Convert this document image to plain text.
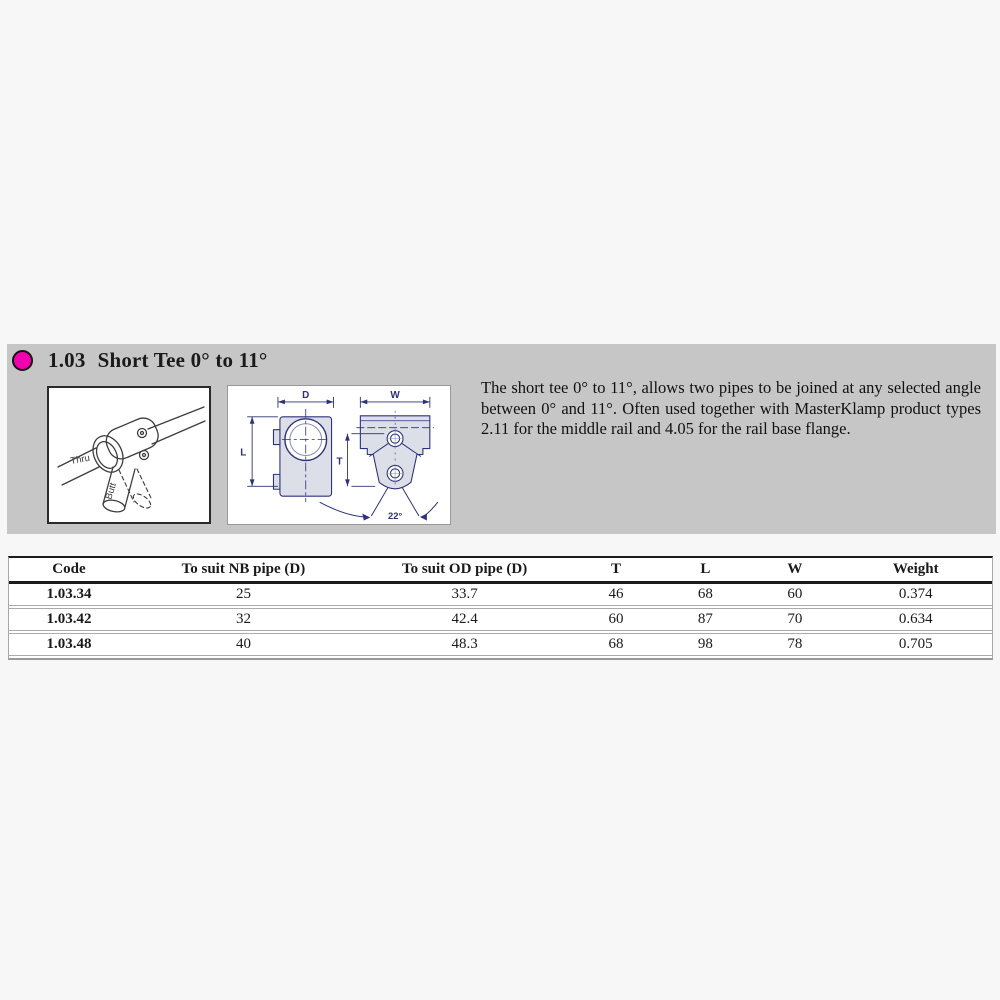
1.03 Short Tee 0° to 11°
Thru
Butt
D
L
W
T
22°

The short tee 0° to 11°, allows two pipes to be joined at any selected angle between 0° and 11°. Often used together with MasterKlamp product types 2.11 for the middle rail and 4.05 for the rail base flange.

Code	To suit NB pipe (D)	To suit OD pipe (D)	T	L	W	Weight
1.03.34	25	33.7	46	68	60	0.374
1.03.42	32	42.4	60	87	70	0.634
1.03.48	40	48.3	68	98	78	0.705
